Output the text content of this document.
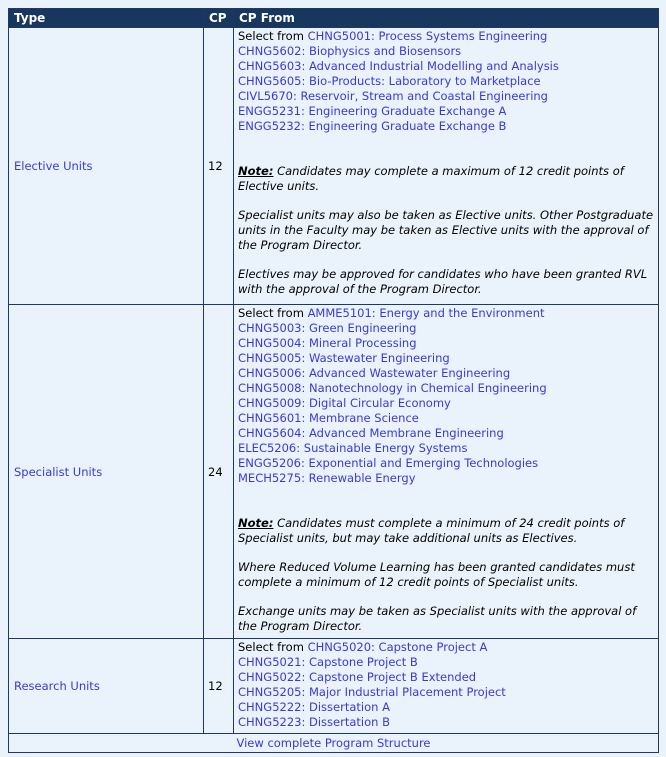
Type	CP	CP From
Elective Units	12	
Select from CHNG5001: Process Systems Engineering
CHNG5602: Biophysics and Biosensors
CHNG5603: Advanced Industrial Modelling and Analysis
CHNG5605: Bio-Products: Laboratory to Marketplace
CIVL5670: Reservoir, Stream and Coastal Engineering
ENGG5231: Engineering Graduate Exchange A
ENGG5232: Engineering Graduate Exchange B

Note: Candidates may complete a maximum of 12 credit points of Elective units.

Specialist units may also be taken as Elective units. Other Postgraduate units in the Faculty may be taken as Elective units with the approval of the Program Director.

Electives may be approved for candidates who have been granted RVL with the approval of the Program Director.

Specialist Units	24	
Select from AMME5101: Energy and the Environment
CHNG5003: Green Engineering
CHNG5004: Mineral Processing
CHNG5005: Wastewater Engineering
CHNG5006: Advanced Wastewater Engineering
CHNG5008: Nanotechnology in Chemical Engineering
CHNG5009: Digital Circular Economy
CHNG5601: Membrane Science
CHNG5604: Advanced Membrane Engineering
ELEC5206: Sustainable Energy Systems
ENGG5206: Exponential and Emerging Technologies
MECH5275: Renewable Energy

Note: Candidates must complete a minimum of 24 credit points of Specialist units, but may take additional units as Electives.

Where Reduced Volume Learning has been granted candidates must complete a minimum of 12 credit points of Specialist units.

Exchange units may be taken as Specialist units with the approval of the Program Director.

Research Units	12	
Select from CHNG5020: Capstone Project A
CHNG5021: Capstone Project B
CHNG5022: Capstone Project B Extended
CHNG5205: Major Industrial Placement Project
CHNG5222: Dissertation A
CHNG5223: Dissertation B

View complete Program Structure		
